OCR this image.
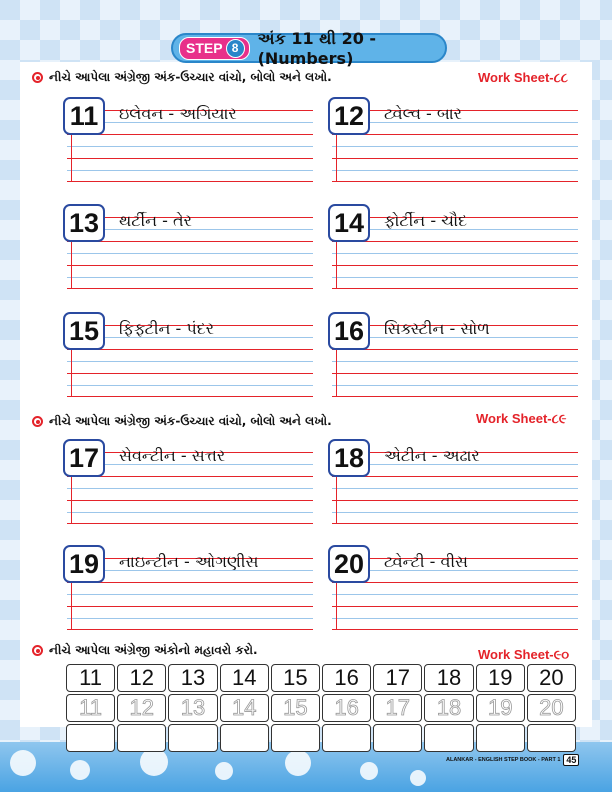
STEP 8
અંક 11 થી 20 - (Numbers)
નીચે આપેલા અંગ્રેજી અંક-ઉચ્ચાર વાંચો, બોલો અને લખો.	Work Sheet-૮૮
નીચે આપેલા અંગ્રેજી અંક-ઉચ્ચાર વાંચો, બોલો અને લખો.	Work Sheet-૮૯
નીચે આપેલા અંગ્રેજી અંકોનો મહાવરો કરો.	Work Sheet-૯૦
11	ઇલેવન - અગિયાર	12	ટ્વેલ્વ - બાર
13	થર્ટીન - તેર	14	ફોર્ટીન - ચૌદ
15	ફિફ્ટીન - પંદર	16	સિક્સ્ટીન - સોળ
17	સેવન્ટીન - સત્તર	18	એટીન - અઢાર
19	નાઇન્ટીન - ઓગણીસ	20	ટ્વેન્ટી - વીસ
11	12	13	14	15	16	17	18	19	20
11	12	13	14	15	16	17	18	19	20
ALANKAR - ENGLISH STEP BOOK - PART 1 45
